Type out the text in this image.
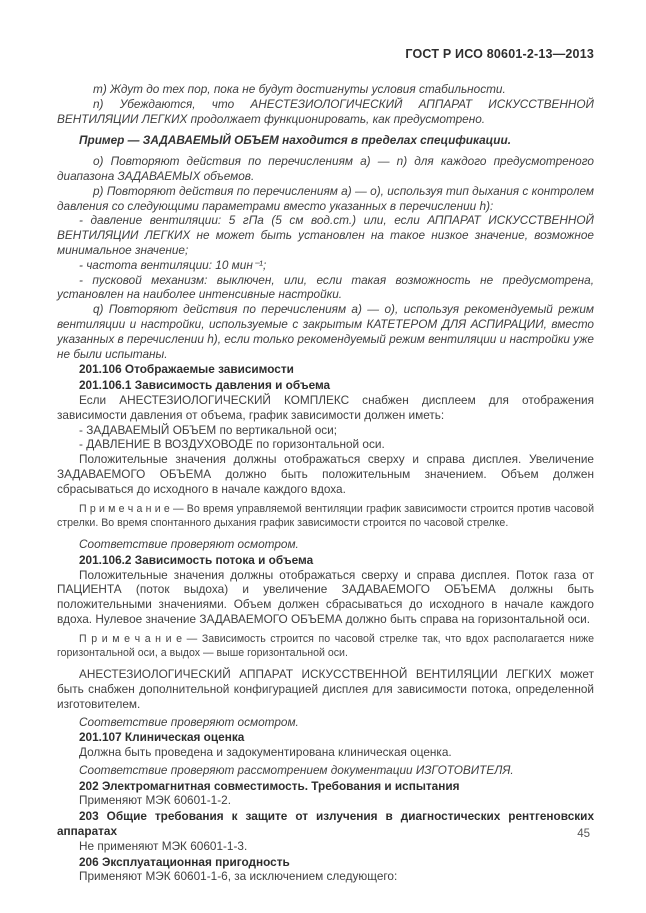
ГОСТ Р ИСО 80601-2-13—2013

m) Ждут до тех пор, пока не будут достигнуты условия стабильности.

n) Убеждаются, что АНЕСТЕЗИОЛОГИЧЕСКИЙ АППАРАТ ИСКУССТВЕННОЙ ВЕНТИЛЯЦИИ ЛЕГКИХ продолжает функционировать, как предусмотрено.

Пример — ЗАДАВАЕМЫЙ ОБЪЕМ находится в пределах спецификации.

о) Повторяют действия по перечислениям а) — n) для каждого предусмотреного диапазона ЗАДАВАЕМЫХ объемов.

р) Повторяют действия по перечислениям а) — о), используя тип дыхания с контролем давления со следующими параметрами вместо указанных в перечислении h):

- давление вентиляции: 5 гПа (5 см вод.ст.) или, если АППАРАТ ИСКУССТВЕННОЙ ВЕНТИЛЯЦИИ ЛЕГКИХ не может быть установлен на такое низкое значение, возможное минимальное значение;

- частота вентиляции: 10 мин⁻¹;

- пусковой механизм: выключен, или, если такая возможность не предусмотрена, установлен на наиболее интенсивные настройки.

q) Повторяют действия по перечислениям а) — о), используя рекомендуемый режим вентиляции и настройки, используемые с закрытым КАТЕТЕРОМ ДЛЯ АСПИРАЦИИ, вместо указанных в перечислении h), если только рекомендуемый режим вентиляции и настройки уже не были испытаны.

201.106 Отображаемые зависимости

201.106.1 Зависимость давления и объема

Если АНЕСТЕЗИОЛОГИЧЕСКИЙ КОМПЛЕКС снабжен дисплеем для отображения зависимости давления от объема, график зависимости должен иметь:

- ЗАДАВАЕМЫЙ ОБЪЕМ по вертикальной оси;

- ДАВЛЕНИЕ В ВОЗДУХОВОДЕ по горизонтальной оси.

Положительные значения должны отображаться сверху и справа дисплея. Увеличение ЗАДАВАЕМОГО ОБЪЕМА должно быть положительным значением. Объем должен сбрасываться до исходного в начале каждого вдоха.

П р и м е ч а н и е — Во время управляемой вентиляции график зависимости строится против часовой стрелки. Во время спонтанного дыхания график зависимости строится по часовой стрелке.

Соответствие проверяют осмотром.

201.106.2 Зависимость потока и объема

Положительные значения должны отображаться сверху и справа дисплея. Поток газа от ПАЦИЕНТА (поток выдоха) и увеличение ЗАДАВАЕМОГО ОБЪЕМА должны быть положительными значениями. Объем должен сбрасываться до исходного в начале каждого вдоха. Нулевое значение ЗАДАВАЕМОГО ОБЪЕМА должно быть справа на горизонтальной оси.

П р и м е ч а н и е — Зависимость строится по часовой стрелке так, что вдох располагается ниже горизонтальной оси, а выдох — выше горизонтальной оси.

АНЕСТЕЗИОЛОГИЧЕСКИЙ АППАРАТ ИСКУССТВЕННОЙ ВЕНТИЛЯЦИИ ЛЕГКИХ может быть снабжен дополнительной конфигурацией дисплея для зависимости потока, определенной изготовителем.

Соответствие проверяют осмотром.

201.107 Клиническая оценка

Должна быть проведена и задокументирована клиническая оценка.

Соответствие проверяют рассмотрением документации ИЗГОТОВИТЕЛЯ.

202 Электромагнитная совместимость. Требования и испытания

Применяют МЭК 60601-1-2.

203 Общие требования к защите от излучения в диагностических рентгеновских аппаратах

Не применяют МЭК 60601-1-3.

206 Эксплуатационная пригодность

Применяют МЭК 60601-1-6, за исключением следующего:

45
